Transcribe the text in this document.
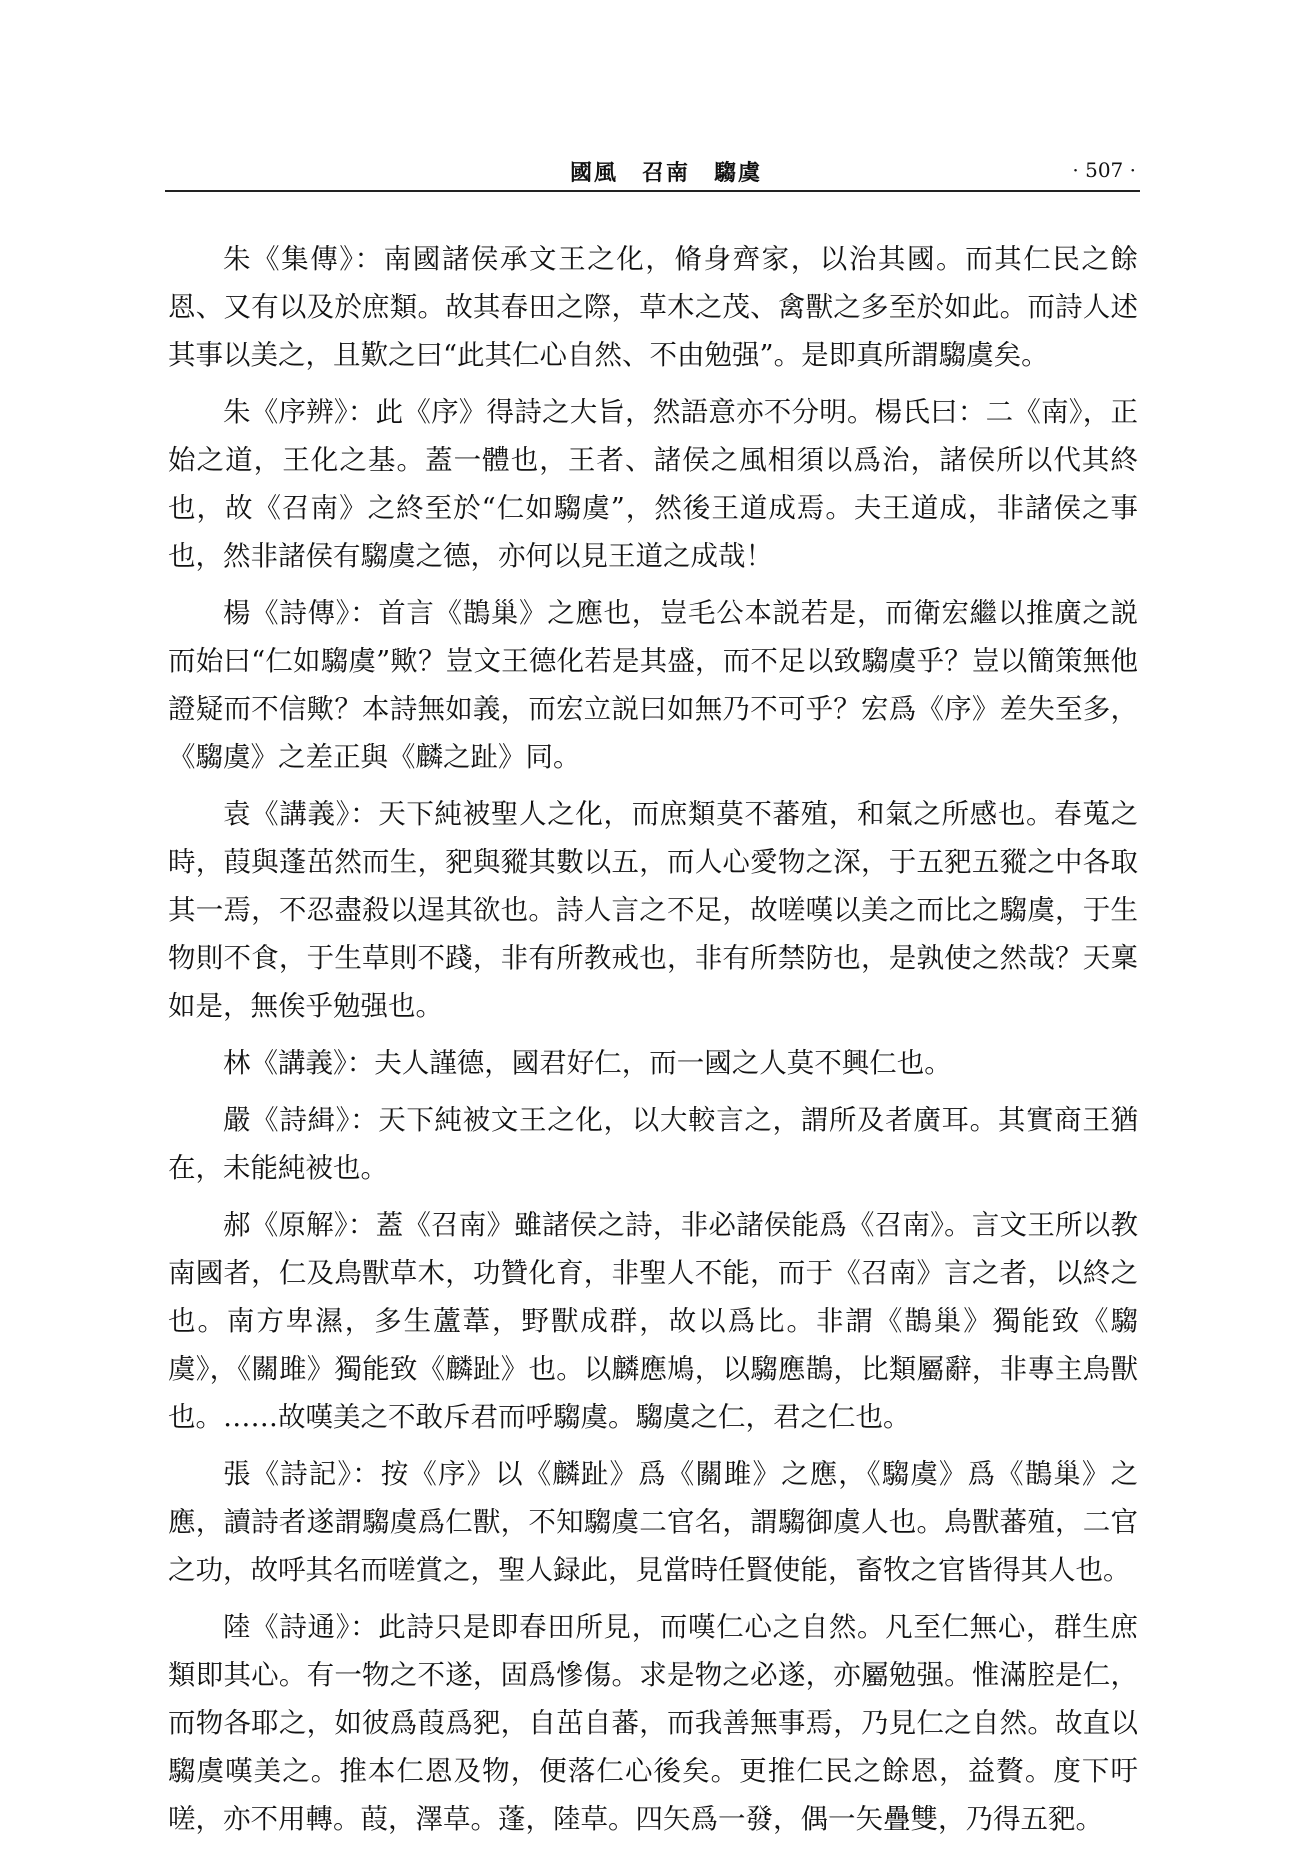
國風　召南　騶虞	· 507 ·

朱《集傳》：南國諸侯承文王之化，脩身齊家，以治其國。而其仁民之餘恩、又有以及於庶類。故其春田之際，草木之茂、禽獸之多至於如此。而詩人述其事以美之，且歎之曰“此其仁心自然、不由勉强”。是即真所謂騶虞矣。

朱《序辨》：此《序》得詩之大旨，然語意亦不分明。楊氏曰：二《南》，正始之道，王化之基。蓋一體也，王者、諸侯之風相須以爲治，諸侯所以代其終也，故《召南》之終至於“仁如騶虞”，然後王道成焉。夫王道成，非諸侯之事也，然非諸侯有騶虞之德，亦何以見王道之成哉！

楊《詩傳》：首言《鵲巢》之應也，豈毛公本説若是，而衛宏繼以推廣之説而始曰“仁如騶虞”歟？豈文王德化若是其盛，而不足以致騶虞乎？豈以簡策無他證疑而不信歟？本詩無如義，而宏立説曰如無乃不可乎？宏爲《序》差失至多，《騶虞》之差正與《麟之趾》同。

袁《講義》：天下純被聖人之化，而庶類莫不蕃殖，和氣之所感也。春蒐之時，葭與蓬茁然而生，豝與豵其數以五，而人心愛物之深，于五豝五豵之中各取其一焉，不忍盡殺以逞其欲也。詩人言之不足，故嗟嘆以美之而比之騶虞，于生物則不食，于生草則不踐，非有所教戒也，非有所禁防也，是孰使之然哉？天稟如是，無俟乎勉强也。

林《講義》：夫人謹德，國君好仁，而一國之人莫不興仁也。

嚴《詩緝》：天下純被文王之化，以大較言之，謂所及者廣耳。其實商王猶在，未能純被也。

郝《原解》：蓋《召南》雖諸侯之詩，非必諸侯能爲《召南》。言文王所以教南國者，仁及鳥獸草木，功贊化育，非聖人不能，而于《召南》言之者，以終之也。南方卑濕，多生蘆葦，野獸成群，故以爲比。非謂《鵲巢》獨能致《騶虞》，《關雎》獨能致《麟趾》也。以麟應鳩，以騶應鵲，比類屬辭，非專主鳥獸也。……故嘆美之不敢斥君而呼騶虞。騶虞之仁，君之仁也。

張《詩記》：按《序》以《麟趾》爲《關雎》之應，《騶虞》爲《鵲巢》之應，讀詩者遂謂騶虞爲仁獸，不知騶虞二官名，謂騶御虞人也。鳥獸蕃殖，二官之功，故呼其名而嗟賞之，聖人録此，見當時任賢使能，畜牧之官皆得其人也。

陸《詩通》：此詩只是即春田所見，而嘆仁心之自然。凡至仁無心，群生庶類即其心。有一物之不遂，固爲慘傷。求是物之必遂，亦屬勉强。惟滿腔是仁，而物各耶之，如彼爲葭爲豝，自茁自蕃，而我善無事焉，乃見仁之自然。故直以騶虞嘆美之。推本仁恩及物，便落仁心後矣。更推仁民之餘恩，益贅。度下吁嗟，亦不用轉。葭，澤草。蓬，陸草。四矢爲一發，偶一矢疊雙，乃得五豝。
